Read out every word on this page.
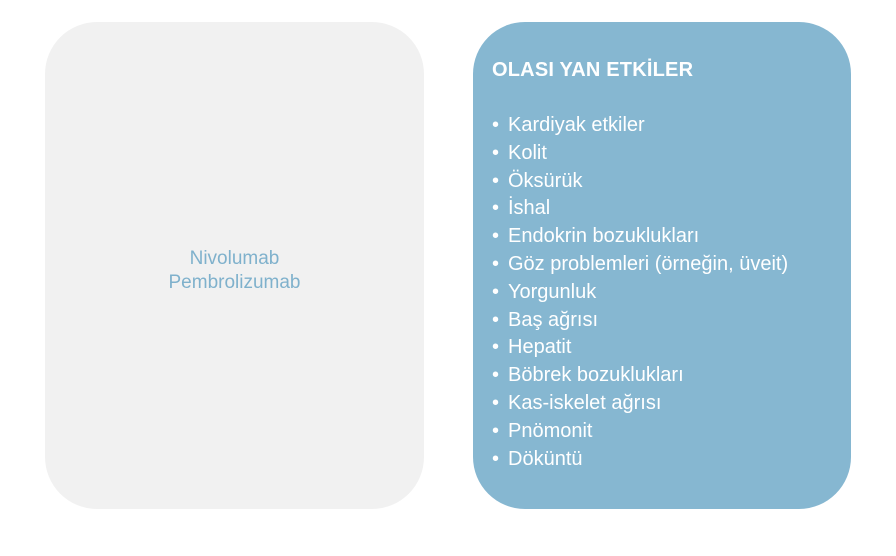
Nivolumab
Pembrolizumab
OLASI YAN ETKİLER
• Kardiyak etkiler
• Kolit
• Öksürük
• İshal
• Endokrin bozuklukları
• Göz problemleri (örneğin, üveit)
• Yorgunluk
• Baş ağrısı
• Hepatit
• Böbrek bozuklukları
• Kas-iskelet ağrısı
• Pnömonit
• Döküntü
